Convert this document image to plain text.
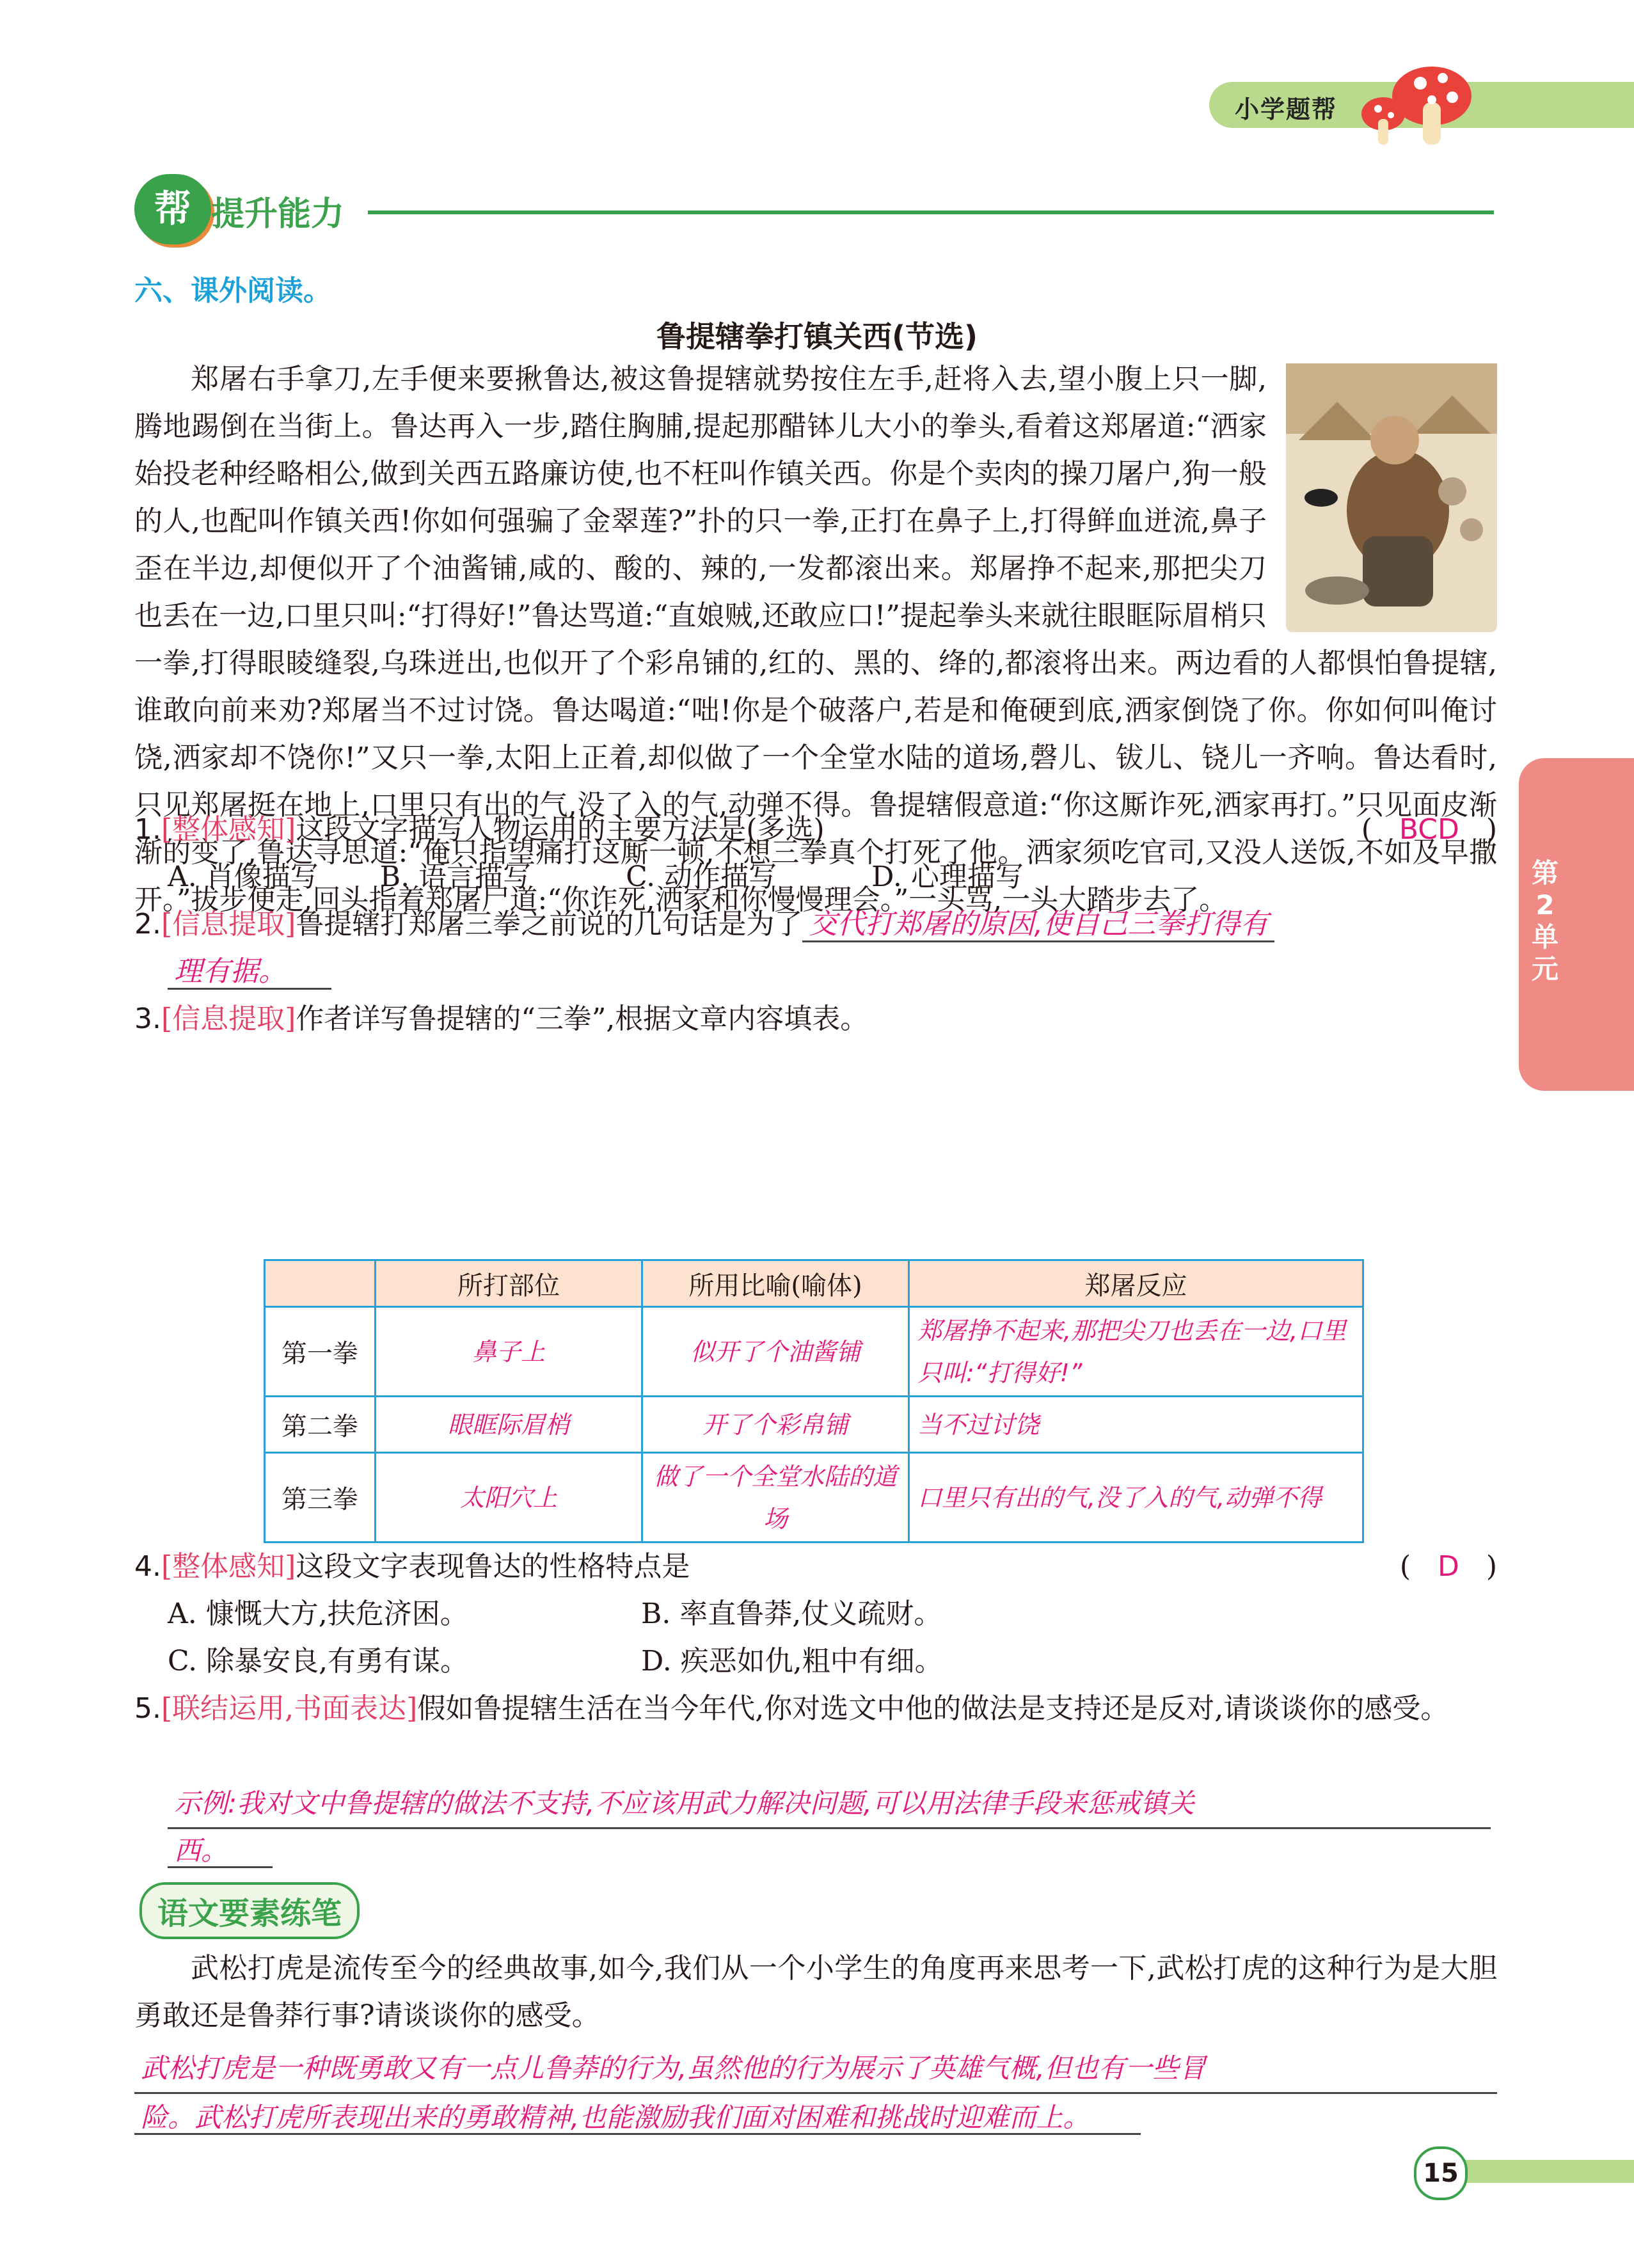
小学题帮
帮 提升能力
六、课外阅读。
鲁提辖拳打镇关西(节选)

郑屠右手拿刀,左手便来要揪鲁达,被这鲁提辖就势按住左手,赶将入去,望小腹上只一脚,腾地踢倒在当街上。鲁达再入一步,踏住胸脯,提起那醋钵儿大小的拳头,看着这郑屠道:“洒家始投老种经略相公,做到关西五路廉访使,也不枉叫作镇关西。你是个卖肉的操刀屠户,狗一般的人,也配叫作镇关西!你如何强骗了金翠莲?”扑的只一拳,正打在鼻子上,打得鲜血迸流,鼻子歪在半边,却便似开了个油酱铺,咸的、酸的、辣的,一发都滚出来。郑屠挣不起来,那把尖刀也丢在一边,口里只叫:“打得好!”鲁达骂道:“直娘贼,还敢应口!”提起拳头来就往眼眶际眉梢只一拳,打得眼睖缝裂,乌珠迸出,也似开了个彩帛铺的,红的、黑的、绛的,都滚将出来。两边看的人都惧怕鲁提辖,谁敢向前来劝?郑屠当不过讨饶。鲁达喝道:“咄!你是个破落户,若是和俺硬到底,洒家倒饶了你。你如何叫俺讨饶,洒家却不饶你!”又只一拳,太阳上正着,却似做了一个全堂水陆的道场,磬儿、钹儿、铙儿一齐响。鲁达看时,只见郑屠挺在地上,口里只有出的气,没了入的气,动弹不得。鲁提辖假意道:“你这厮诈死,洒家再打。”只见面皮渐渐的变了,鲁达寻思道:“俺只指望痛打这厮一顿,不想三拳真个打死了他。洒家须吃官司,又没人送饭,不如及早撒开。”拔步便走,回头指着郑屠尸道:“你诈死,洒家和你慢慢理会。”一头骂,一头大踏步去了。

1.[整体感知]这段文字描写人物运用的主要方法是(多选)	( BCD )
A. 肖像描写 B. 语言描写	C. 动作描写	D. 心理描写
2.[信息提取]鲁提辖打郑屠三拳之前说的几句话是为了 交代打郑屠的原因,使自己三拳打得有
理有据。
3.[信息提取]作者详写鲁提辖的“三拳”,根据文章内容填表。
	所打部位	所用比喻(喻体)	郑屠反应
第一拳	鼻子上	似开了个油酱铺	郑屠挣不起来,那把尖刀也丢在一边,口里只叫:“打得好!”
第二拳	眼眶际眉梢	开了个彩帛铺	当不过讨饶
第三拳	太阳穴上	做了一个全堂水陆的道场	口里只有出的气,没了入的气,动弹不得
4.[整体感知]这段文字表现鲁达的性格特点是	( D )
A. 慷慨大方,扶危济困。	B. 率直鲁莽,仗义疏财。
C. 除暴安良,有勇有谋。	D. 疾恶如仇,粗中有细。
5.[联结运用,书面表达]假如鲁提辖生活在当今年代,你对选文中他的做法是支持还是反对,请谈谈你的感受。
示例:我对文中鲁提辖的做法不支持,不应该用武力解决问题,可以用法律手段来惩戒镇关
西。
语文要素练笔

武松打虎是流传至今的经典故事,如今,我们从一个小学生的角度再来思考一下,武松打虎的这种行为是大胆勇敢还是鲁莽行事?请谈谈你的感受。

武松打虎是一种既勇敢又有一点儿鲁莽的行为,虽然他的行为展示了英雄气概,但也有一些冒
险。武松打虎所表现出来的勇敢精神,也能激励我们面对困难和挑战时迎难而上。
第2单元
15
